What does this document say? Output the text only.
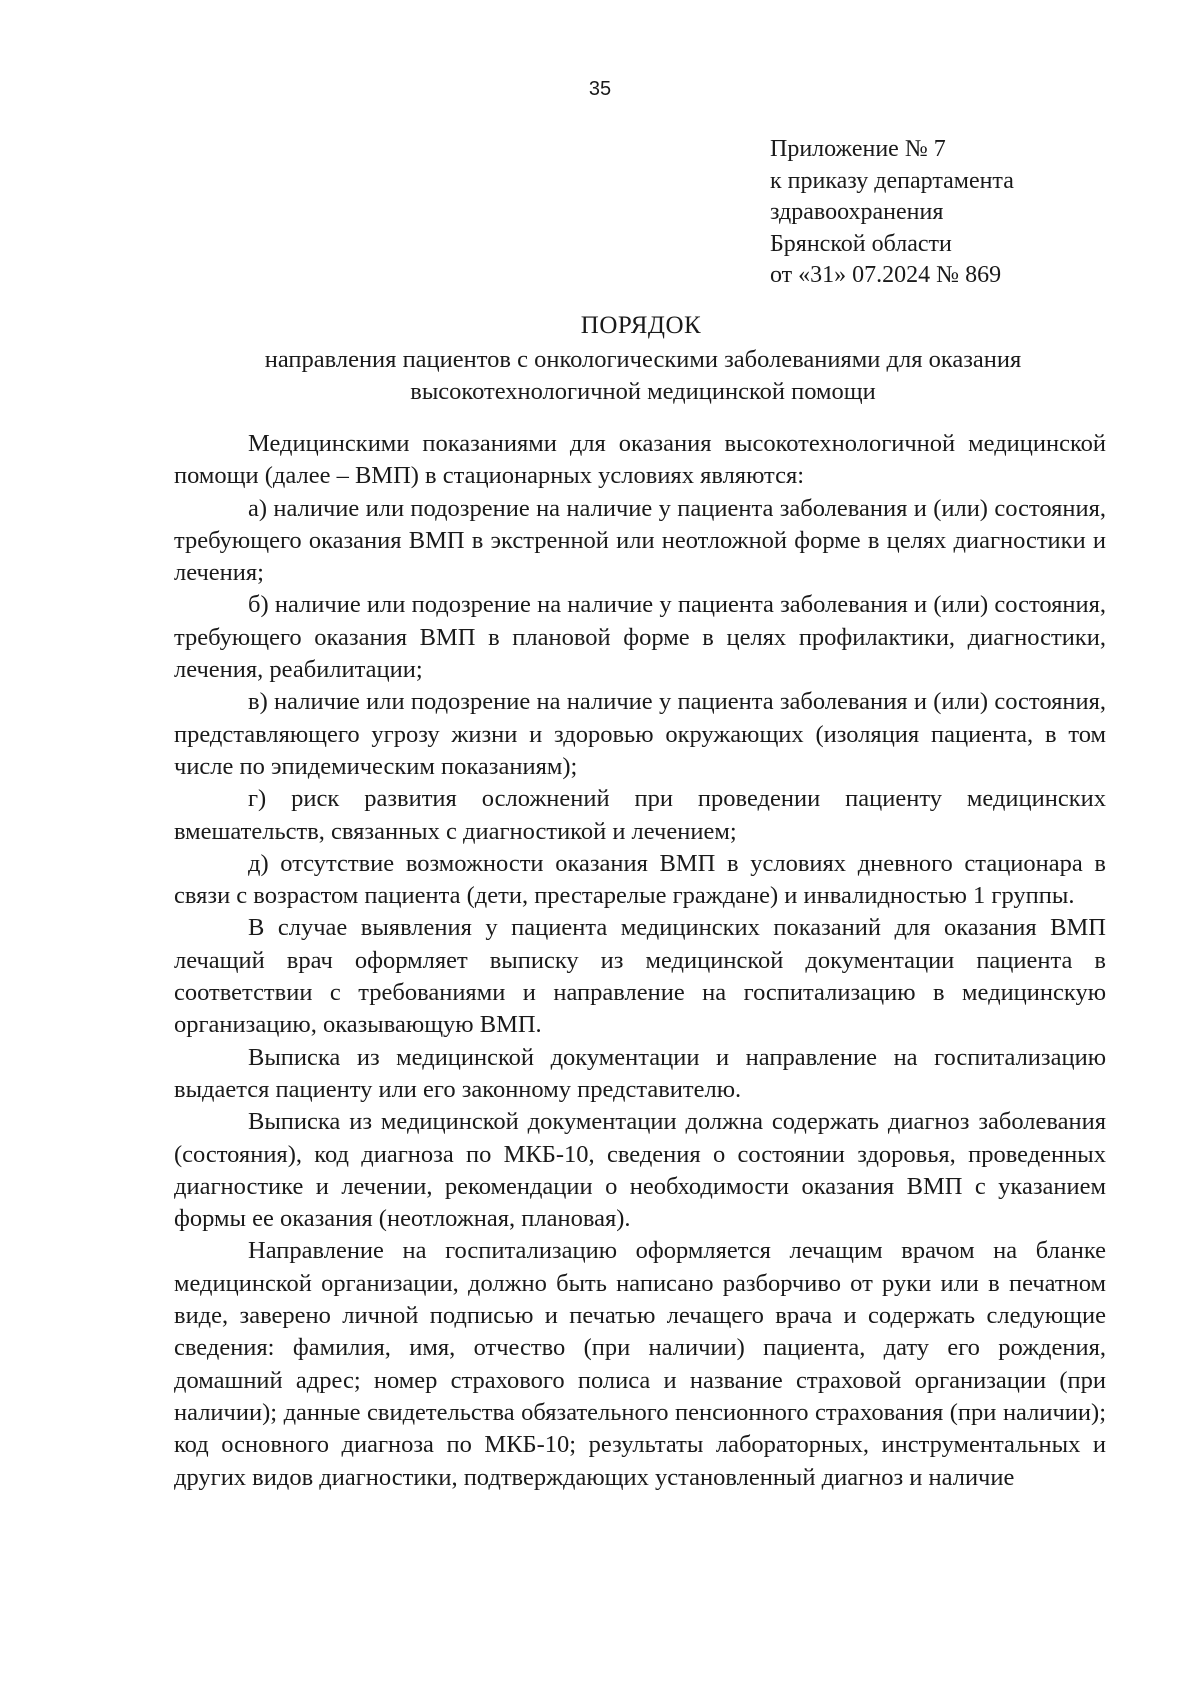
35
Приложение № 7
к приказу департамента
здравоохранения
Брянской области
от «31» 07.2024 № 869
ПОРЯДОК
направления пациентов с онкологическими заболеваниями для оказания высокотехнологичной медицинской помощи

Медицинскими показаниями для оказания высокотехнологичной медицинской помощи (далее – ВМП) в стационарных условиях являются:

а) наличие или подозрение на наличие у пациента заболевания и (или) состояния, требующего оказания ВМП в экстренной или неотложной форме в целях диагностики и лечения;

б) наличие или подозрение на наличие у пациента заболевания и (или) состояния, требующего оказания ВМП в плановой форме в целях профилактики, диагностики, лечения, реабилитации;

в) наличие или подозрение на наличие у пациента заболевания и (или) состояния, представляющего угрозу жизни и здоровью окружающих (изоляция пациента, в том числе по эпидемическим показаниям);

г) риск развития осложнений при проведении пациенту медицинских вмешательств, связанных с диагностикой и лечением;

д) отсутствие возможности оказания ВМП в условиях дневного стационара в связи с возрастом пациента (дети, престарелые граждане) и инвалидностью 1 группы.

В случае выявления у пациента медицинских показаний для оказания ВМП лечащий врач оформляет выписку из медицинской документации пациента в соответствии с требованиями и направление на госпитализацию в медицинскую организацию, оказывающую ВМП.

Выписка из медицинской документации и направление на госпитализацию выдается пациенту или его законному представителю.

Выписка из медицинской документации должна содержать диагноз заболевания (состояния), код диагноза по МКБ-10, сведения о состоянии здоровья, проведенных диагностике и лечении, рекомендации о необходимости оказания ВМП с указанием формы ее оказания (неотложная, плановая).

Направление на госпитализацию оформляется лечащим врачом на бланке медицинской организации, должно быть написано разборчиво от руки или в печатном виде, заверено личной подписью и печатью лечащего врача и содержать следующие сведения: фамилия, имя, отчество (при наличии) пациента, дату его рождения, домашний адрес; номер страхового полиса и название страховой организации (при наличии); данные свидетельства обязательного пенсионного страхования (при наличии); код основного диагноза по МКБ-10; результаты лабораторных, инструментальных и других видов диагностики, подтверждающих установленный диагноз и наличие
